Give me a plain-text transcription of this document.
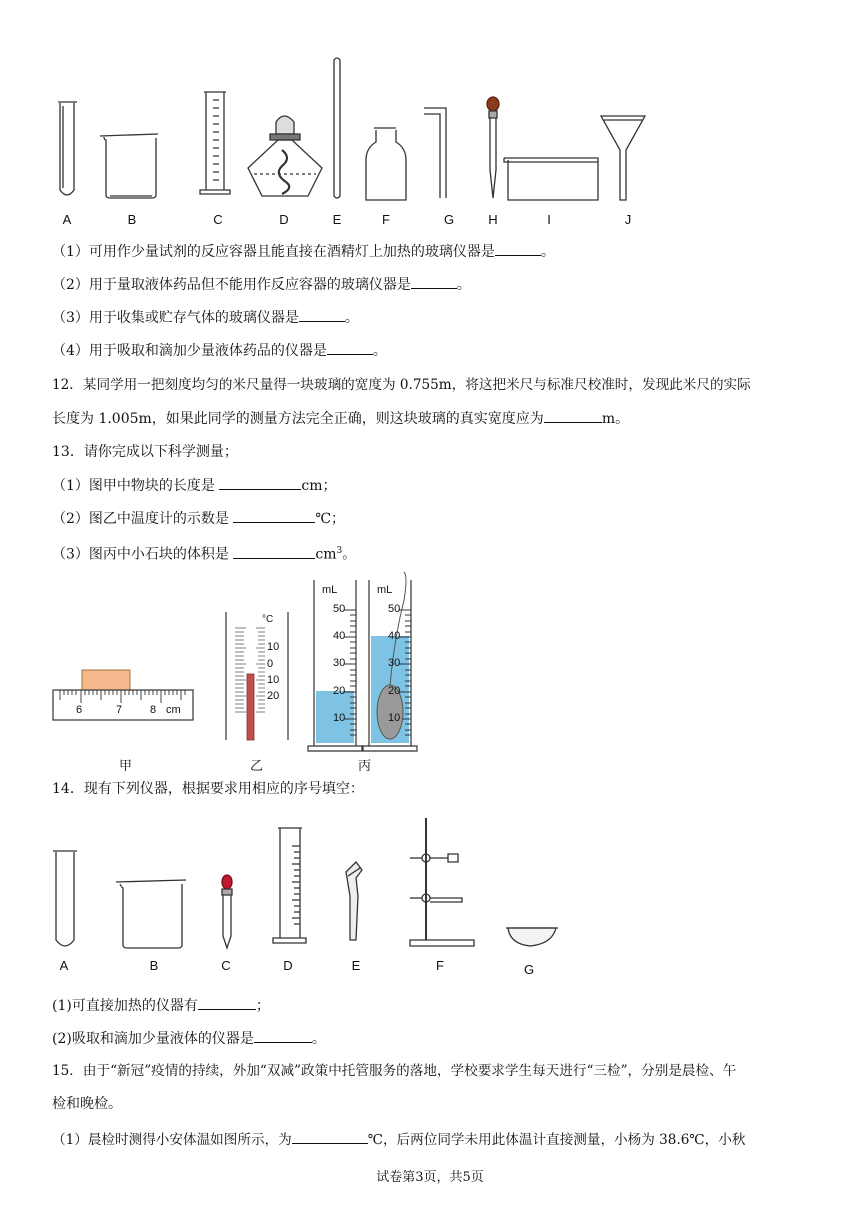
A	B	C	D	E	F	G	H	I	J
（1）可用作少量试剂的反应容器且能直接在酒精灯上加热的玻璃仪器是	。
（2）用于量取液体药品但不能用作反应容器的玻璃仪器是	。
（3）用于收集或贮存气体的玻璃仪器是	。
（4）用于吸取和滴加少量液体药品的仪器是	。
12．某同学用一把刻度均匀的米尺量得一块玻璃的宽度为 0.755m，将这把米尺与标准尺校准时，发现此米尺的实际
长度为 1.005m，如果此同学的测量方法完全正确，则这块玻璃的真实宽度应为	m。
13．请你完成以下科学测量；
（1）图甲中物块的长度是	cm；
（2）图乙中温度计的示数是	℃；
（3）图丙中小石块的体积是	$cm^3$。
6	7	8 cm
°C
10
0
10
20
mL
50
40
30
20
10
mL
50
40
30
20
10
甲	乙	丙
14．现有下列仪器，根据要求用相应的序号填空：
A	B	C	D	E	F	G
(1)可直接加热的仪器有	；
(2)吸取和滴加少量液体的仪器是	。
15．由于“新冠”疫情的持续，外加“双减”政策中托管服务的落地，学校要求学生每天进行“三检”，分别是晨检、午
检和晚检。
（1）晨检时测得小安体温如图所示，为	℃，后两位同学未用此体温计直接测量，小杨为 38.6℃，小秋
试卷第3页，共5页
